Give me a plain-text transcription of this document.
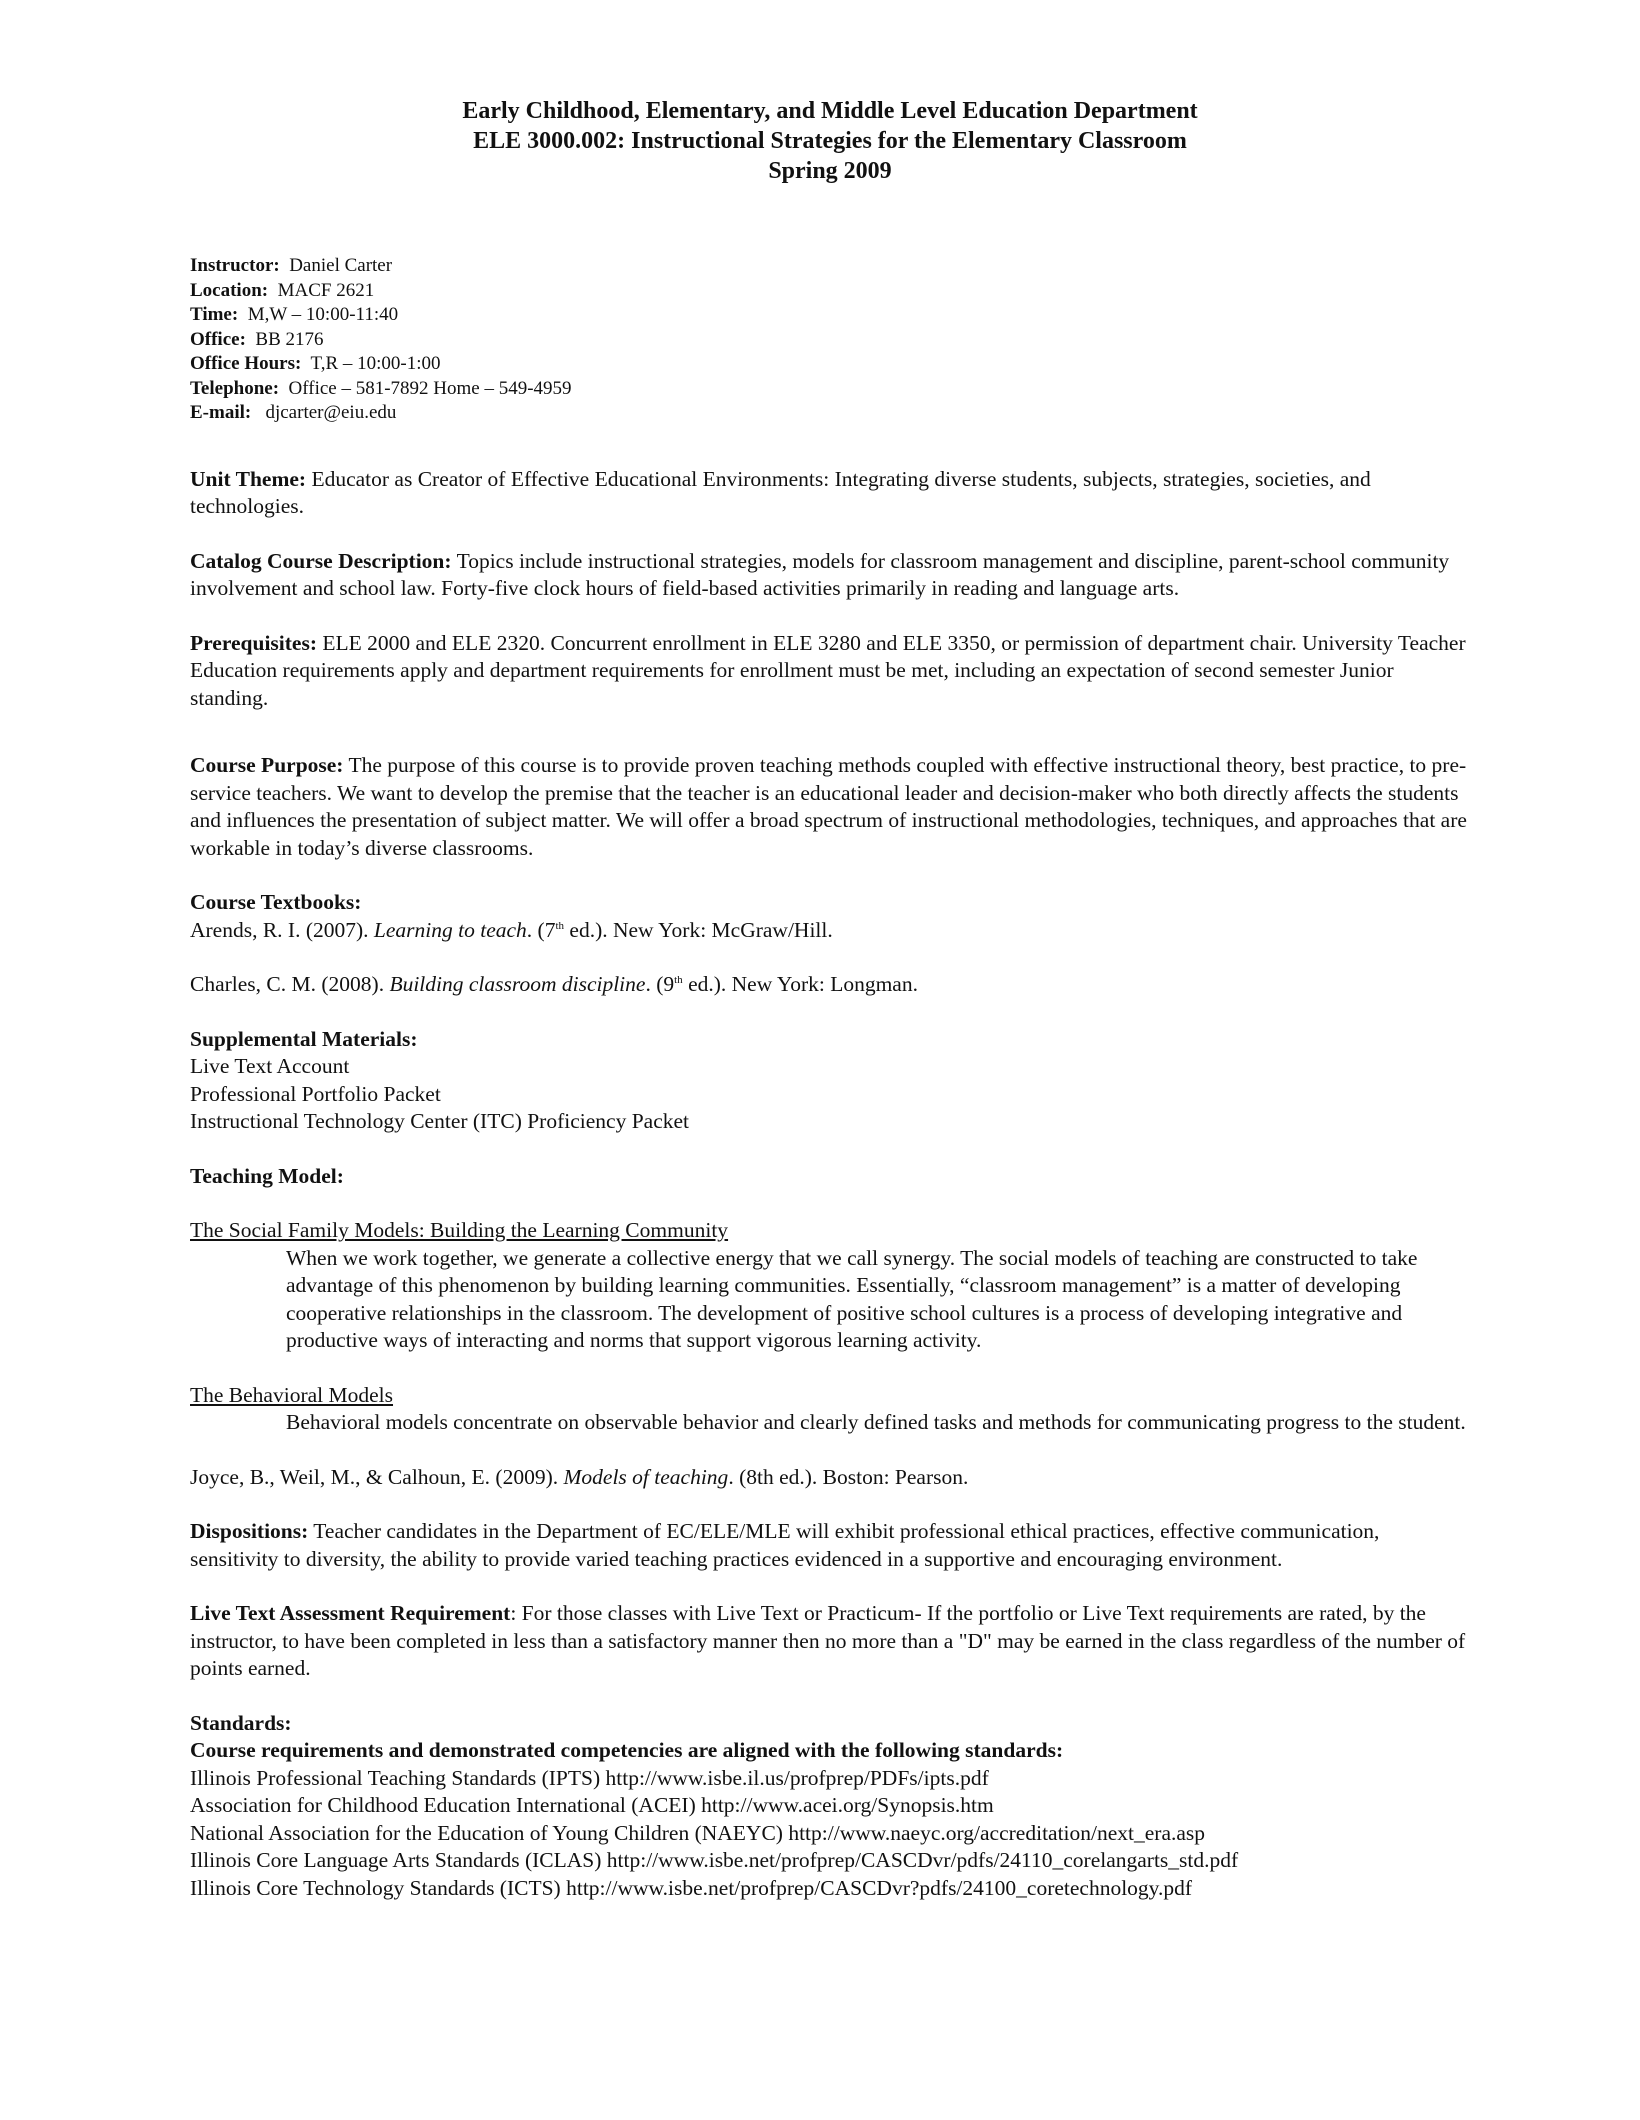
Early Childhood, Elementary, and Middle Level Education Department
ELE 3000.002: Instructional Strategies for the Elementary Classroom
Spring 2009
Instructor: Daniel Carter
Location: MACF 2621
Time: M,W – 10:00-11:40
Office: BB 2176
Office Hours: T,R – 10:00-1:00
Telephone: Office – 581-7892 Home – 549-4959
E-mail: djcarter@eiu.edu

Unit Theme: Educator as Creator of Effective Educational Environments: Integrating diverse students, subjects, strategies, societies, and technologies.

Catalog Course Description: Topics include instructional strategies, models for classroom management and discipline, parent-school community involvement and school law. Forty-five clock hours of field-based activities primarily in reading and language arts.

Prerequisites: ELE 2000 and ELE 2320. Concurrent enrollment in ELE 3280 and ELE 3350, or permission of department chair. University Teacher Education requirements apply and department requirements for enrollment must be met, including an expectation of second semester Junior standing.

Course Purpose: The purpose of this course is to provide proven teaching methods coupled with effective instructional theory, best practice, to pre-service teachers. We want to develop the premise that the teacher is an educational leader and decision-maker who both directly affects the students and influences the presentation of subject matter. We will offer a broad spectrum of instructional methodologies, techniques, and approaches that are workable in today’s diverse classrooms.

Course Textbooks:
Arends, R. I. (2007). Learning to teach. (7th ed.). New York: McGraw/Hill.
Charles, C. M. (2008). Building classroom discipline. (9th ed.). New York: Longman.
Supplemental Materials:
Live Text Account
Professional Portfolio Packet
Instructional Technology Center (ITC) Proficiency Packet
Teaching Model:
The Social Family Models: Building the Learning Community
When we work together, we generate a collective energy that we call synergy. The social models of teaching are constructed to take advantage of this phenomenon by building learning communities. Essentially, “classroom management” is a matter of developing cooperative relationships in the classroom. The development of positive school cultures is a process of developing integrative and productive ways of interacting and norms that support vigorous learning activity.
The Behavioral Models
Behavioral models concentrate on observable behavior and clearly defined tasks and methods for communicating progress to the student.
Joyce, B., Weil, M., & Calhoun, E. (2009). Models of teaching. (8th ed.). Boston: Pearson.

Dispositions: Teacher candidates in the Department of EC/ELE/MLE will exhibit professional ethical practices, effective communication, sensitivity to diversity, the ability to provide varied teaching practices evidenced in a supportive and encouraging environment.

Live Text Assessment Requirement: For those classes with Live Text or Practicum- If the portfolio or Live Text requirements are rated, by the instructor, to have been completed in less than a satisfactory manner then no more than a "D" may be earned in the class regardless of the number of points earned.

Standards:
Course requirements and demonstrated competencies are aligned with the following standards:
Illinois Professional Teaching Standards (IPTS) http://www.isbe.il.us/profprep/PDFs/ipts.pdf
Association for Childhood Education International (ACEI) http://www.acei.org/Synopsis.htm
National Association for the Education of Young Children (NAEYC) http://www.naeyc.org/accreditation/next_era.asp
Illinois Core Language Arts Standards (ICLAS) http://www.isbe.net/profprep/CASCDvr/pdfs/24110_corelangarts_std.pdf
Illinois Core Technology Standards (ICTS) http://www.isbe.net/profprep/CASCDvr?pdfs/24100_coretechnology.pdf
